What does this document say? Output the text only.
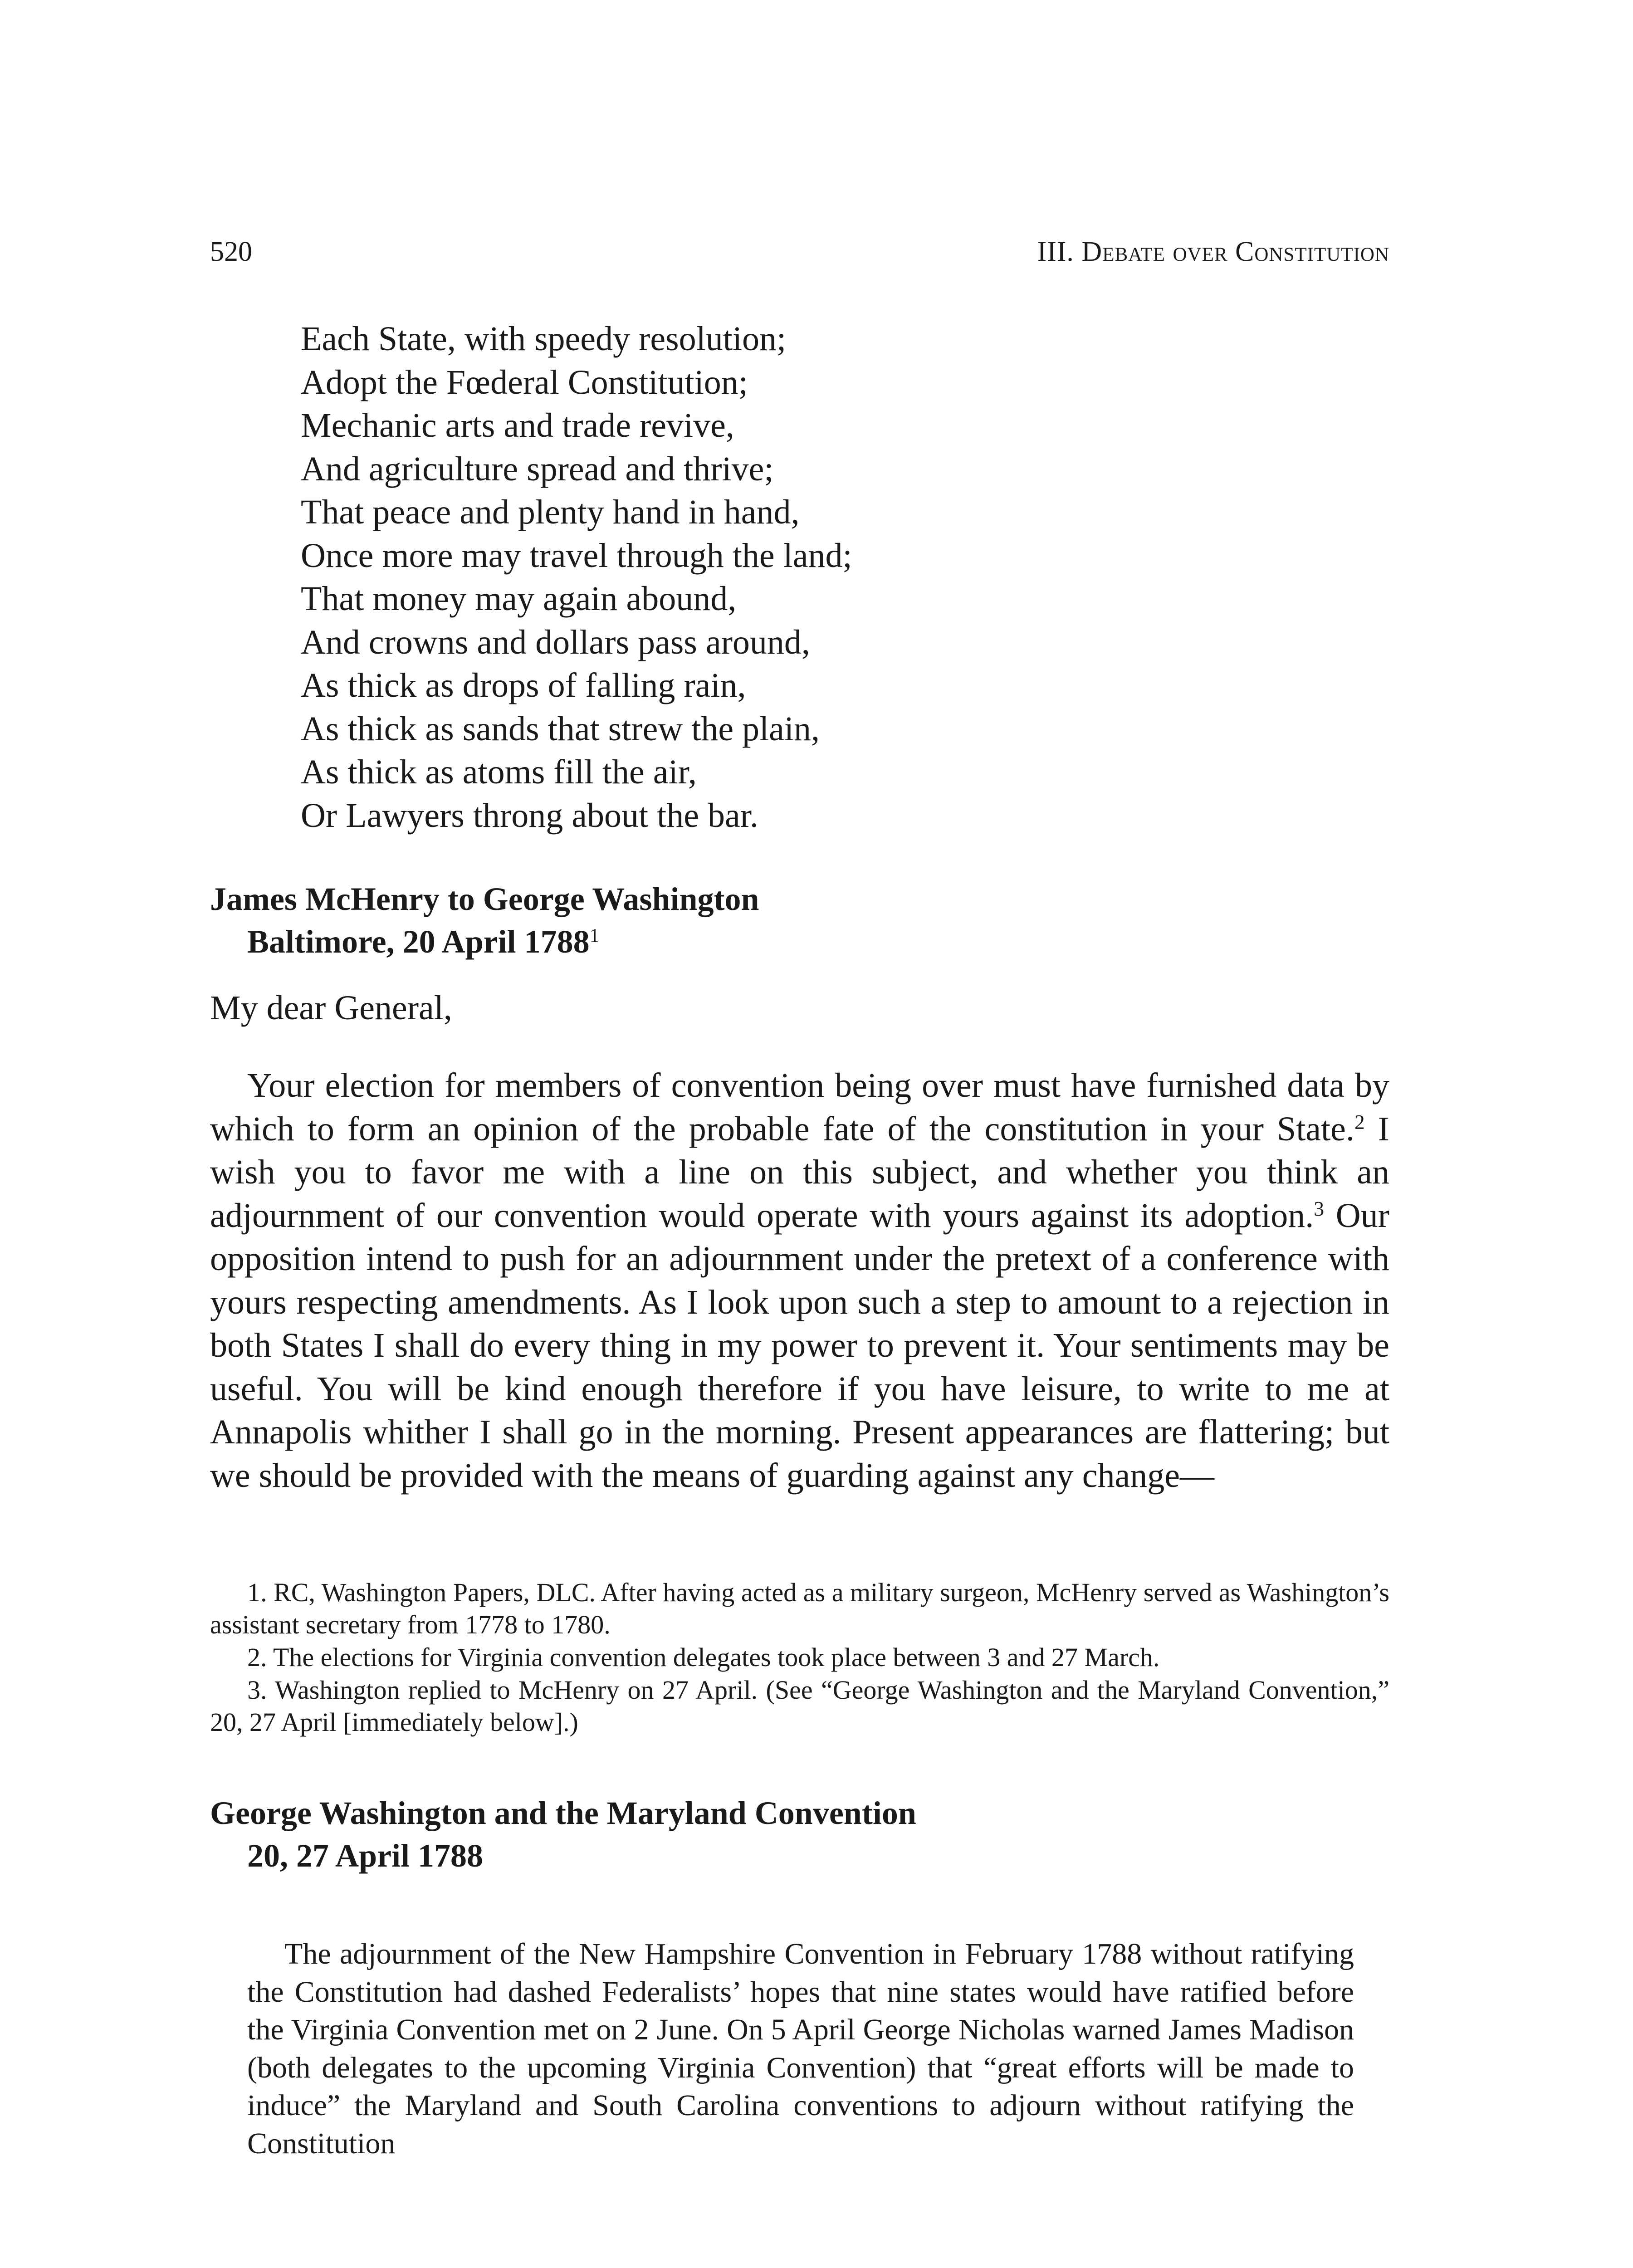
520	III. Debate over Constitution
Each State, with speedy resolution;
Adopt the Fœderal Constitution;
Mechanic arts and trade revive,
And agriculture spread and thrive;
That peace and plenty hand in hand,
Once more may travel through the land;
That money may again abound,
And crowns and dollars pass around,
As thick as drops of falling rain,
As thick as sands that strew the plain,
As thick as atoms fill the air,
Or Lawyers throng about the bar.
James McHenry to George Washington
Baltimore, 20 April 1788$^1$
My dear General,

Your election for members of convention being over must have furnished data by which to form an opinion of the probable fate of the constitution in your State.$^2$ I wish you to favor me with a line on this subject, and whether you think an adjournment of our convention would operate with yours against its adoption.$^3$ Our opposition intend to push for an adjournment under the pretext of a conference with yours respecting amendments. As I look upon such a step to amount to a rejection in both States I shall do every thing in my power to prevent it. Your sentiments may be useful. You will be kind enough therefore if you have leisure, to write to me at Annapolis whither I shall go in the morning. Present appearances are flattering; but we should be provided with the means of guarding against any change—

1. RC, Washington Papers, DLC. After having acted as a military surgeon, McHenry served as Washington’s assistant secretary from 1778 to 1780.

2. The elections for Virginia convention delegates took place between 3 and 27 March.

3. Washington replied to McHenry on 27 April. (See “George Washington and the Maryland Convention,” 20, 27 April [immediately below].)

George Washington and the Maryland Convention
20, 27 April 1788

The adjournment of the New Hampshire Convention in February 1788 without ratifying the Constitution had dashed Federalists’ hopes that nine states would have ratified before the Virginia Convention met on 2 June. On 5 April George Nicholas warned James Madison (both delegates to the upcoming Virginia Convention) that “great efforts will be made to induce” the Maryland and South Carolina conventions to adjourn without ratifying the Constitution
